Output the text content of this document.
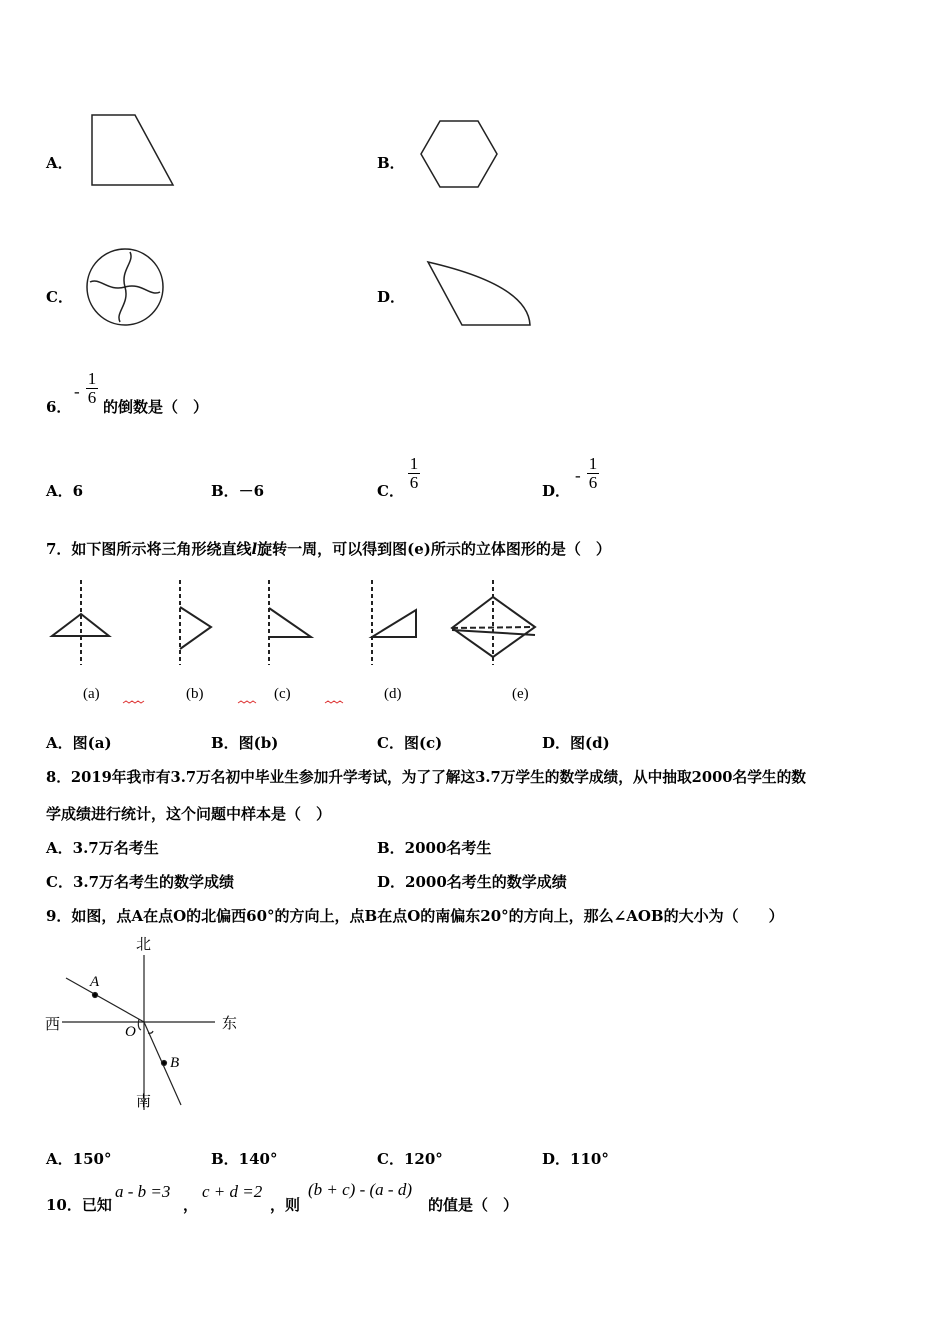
A．	B．
C．	D．
(a)	(b)	(c)	(d)	(e)
6．
-
1
6 的倒数是（　）
A．6	B．－6	C．
1
6	D．
-
1
6
7．如下图所示将三角形绕直线l旋转一周，可以得到图(e)所示的立体图形的是（　）
A．图(a)	B．图(b)	C．图(c)	D．图(d)
8．2019年我市有3.7万名初中毕业生参加升学考试，为了了解这3.7万学生的数学成绩，从中抽取2000名学生的数
学成绩进行统计，这个问题中样本是（　）
A．3.7万名考生	B．2000名考生
C．3.7万名考生的数学成绩	D．2000名考生的数学成绩
9．如图，点A在点O的北偏西60°的方向上，点B在点O的南偏东20°的方向上，那么∠AOB的大小为（　　）
北
西	东
南
O
A
B
A．150°	B．140°	C．120°	D．110°
10．已知
a - b =3
，
c + d =2
，则
(b + c) - (a - d)
的值是（　）
